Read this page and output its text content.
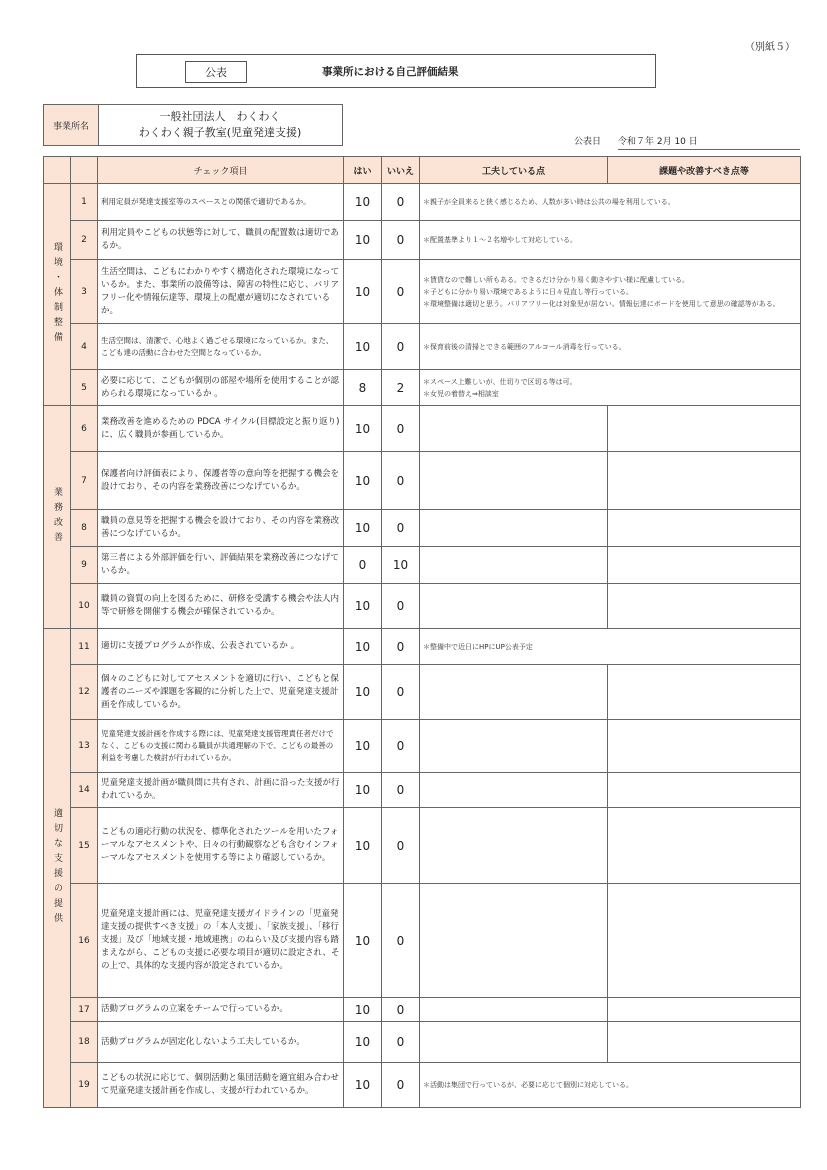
（別紙５）
公表	事業所における自己評価結果
事業所名
一般社団法人　わくわく
わくわく親子教室(児童発達支援)
公表日 令和７年 2月 10 日
		チェック項目	はい	いいえ	工夫している点	課題や改善すべき点等
環境・体制整備	1	利用定員が発達支援室等のスペースとの関係で適切であるか。	10	0	＊親子が全員来ると狭く感じるため、人数が多い時は公共の場を利用している。	
	2	利用定員やこどもの状態等に対して、職員の配置数は適切であるか。	10	0	＊配置基準より１～２名増やして対応している。	
	3	生活空間は、こどもにわかりやすく構造化された環境になっているか。また、事業所の設備等は、障害の特性に応じ、バリアフリー化や情報伝達等、環境上の配慮が適切になされているか。	10	0	＊賃貸なので難しい所もある。できるだけ分かり易く動きやすい様に配慮している。
＊子どもに分かり易い環境であるように日々見直し等行っている。
＊環境整備は適切と思う。バリアフリー化は対象児が居ない。情報伝達にボードを使用して意思の確認等がある。	
	4	生活空間は、清潔で、心地よく過ごせる環境になっているか。また、こども達の活動に合わせた空間となっているか。	10	0	＊保育前後の清掃とできる範囲のアルコール消毒を行っている。	
	5	必要に応じて、こどもが個別の部屋や場所を使用することが認められる環境になっているか 。	8	2	＊スペース上難しいが、仕切りで区切る等は可。
＊女児の着替え⇒相談室	
業務改善	6	業務改善を進めるための PDCA サイクル(目標設定と振り返り)に、広く職員が参画しているか。	10	0		
	7	保護者向け評価表により、保護者等の意向等を把握する機会を設けており、その内容を業務改善につなげているか。	10	0		
	8	職員の意見等を把握する機会を設けており、その内容を業務改善につなげているか。	10	0		
	9	第三者による外部評価を行い、評価結果を業務改善につなげているか。	0	10		
	10	職員の資質の向上を図るために、研修を受講する機会や法人内等で研修を開催する機会が確保されているか。	10	0		
適切な支援の提供	11	適切に支援プログラムが作成、公表されているか 。	10	0	＊整備中で近日にHPにUP公表予定	
	12	個々のこどもに対してアセスメントを適切に行い、こどもと保護者のニーズや課題を客観的に分析した上で、児童発達支援計画を作成しているか。	10	0		
	13	児童発達支援計画を作成する際には、児童発達支援管理責任者だけでなく、こどもの支援に関わる職員が共通理解の下で、こどもの最善の利益を考慮した検討が行われているか。	10	0		
	14	児童発達支援計画が職員間に共有され、計画に沿った支援が行われているか。	10	0		
	15	こどもの適応行動の状況を、標準化されたツールを用いたフォーマルなアセスメントや、日々の行動観察なども含むインフォーマルなアセスメントを使用する等により確認しているか。	10	0		
	16	児童発達支援計画には、児童発達支援ガイドラインの「児童発達支援の提供すべき支援」の「本人支援」、「家族支援」、「移行支援」及び「地域支援・地域連携」のねらい及び支援内容も踏まえながら、こどもの支援に必要な項目が適切に設定され、その上で、具体的な支援内容が設定されているか。	10	0		
	17	活動プログラムの立案をチームで行っているか。	10	0		
	18	活動プログラムが固定化しないよう工夫しているか。	10	0		
	19	こどもの状況に応じて、個別活動と集団活動を適宜組み合わせて児童発達支援計画を作成し、支援が行われているか。	10	0	＊活動は集団で行っているが、必要に応じて個別に対応している。	
